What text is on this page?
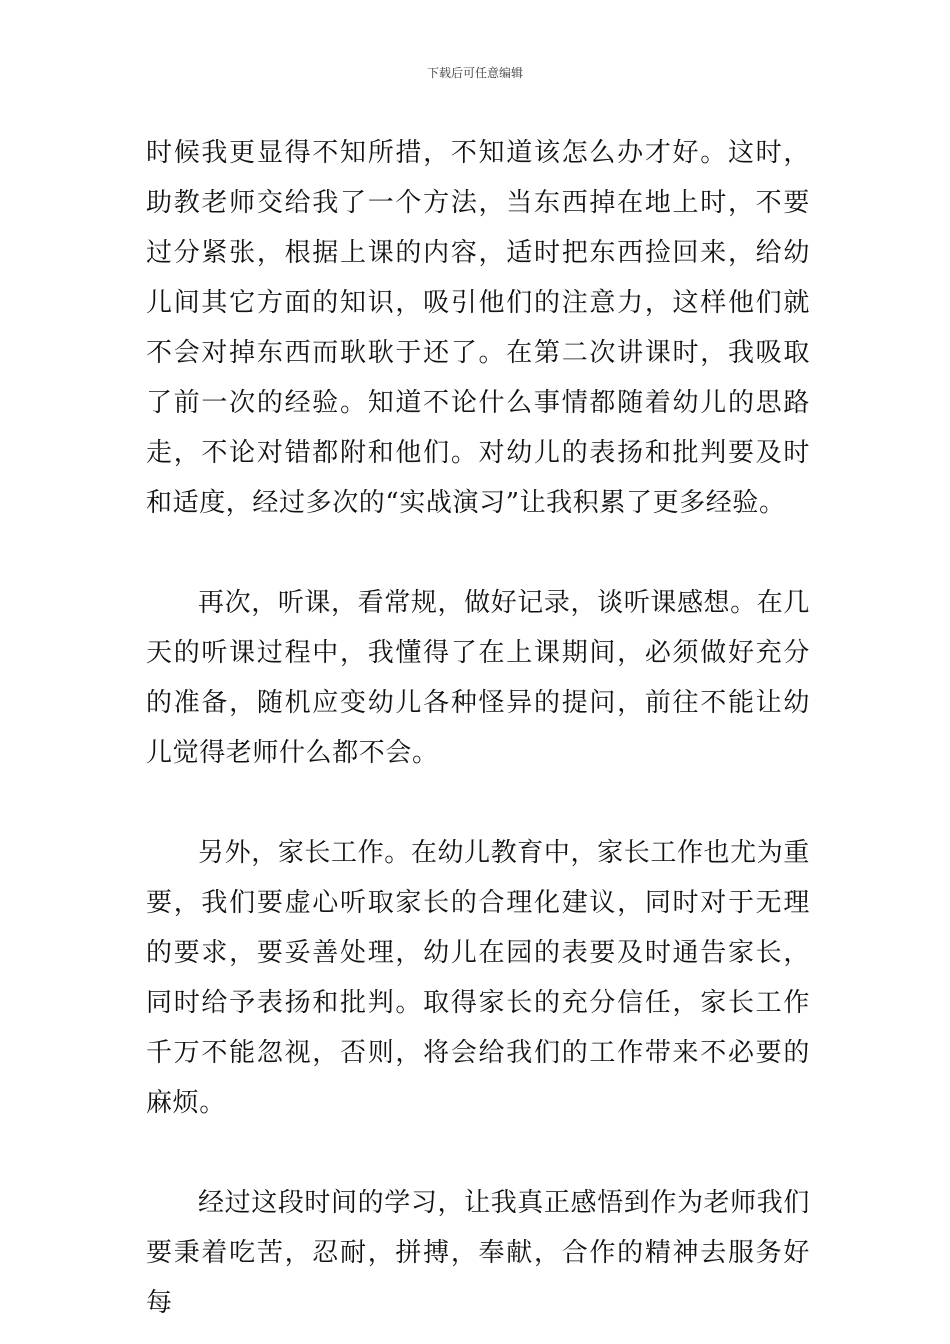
下载后可任意编辑

时候我更显得不知所措，不知道该怎么办才好。这时，助教老师交给我了一个方法，当东西掉在地上时，不要过分紧张，根据上课的内容，适时把东西捡回来，给幼儿间其它方面的知识，吸引他们的注意力，这样他们就不会对掉东西而耿耿于还了。在第二次讲课时，我吸取了前一次的经验。知道不论什么事情都随着幼儿的思路走，不论对错都附和他们。对幼儿的表扬和批判要及时和适度，经过多次的“实战演习”让我积累了更多经验。

再次，听课，看常规，做好记录，谈听课感想。在几天的听课过程中，我懂得了在上课期间，必须做好充分的准备，随机应变幼儿各种怪异的提问，前往不能让幼儿觉得老师什么都不会。

另外，家长工作。在幼儿教育中，家长工作也尤为重要，我们要虚心听取家长的合理化建议，同时对于无理的要求，要妥善处理，幼儿在园的表要及时通告家长，同时给予表扬和批判。取得家长的充分信任，家长工作千万不能忽视，否则，将会给我们的工作带来不必要的麻烦。

经过这段时间的学习，让我真正感悟到作为老师我们要秉着吃苦，忍耐，拼搏，奉献，合作的精神去服务好每
